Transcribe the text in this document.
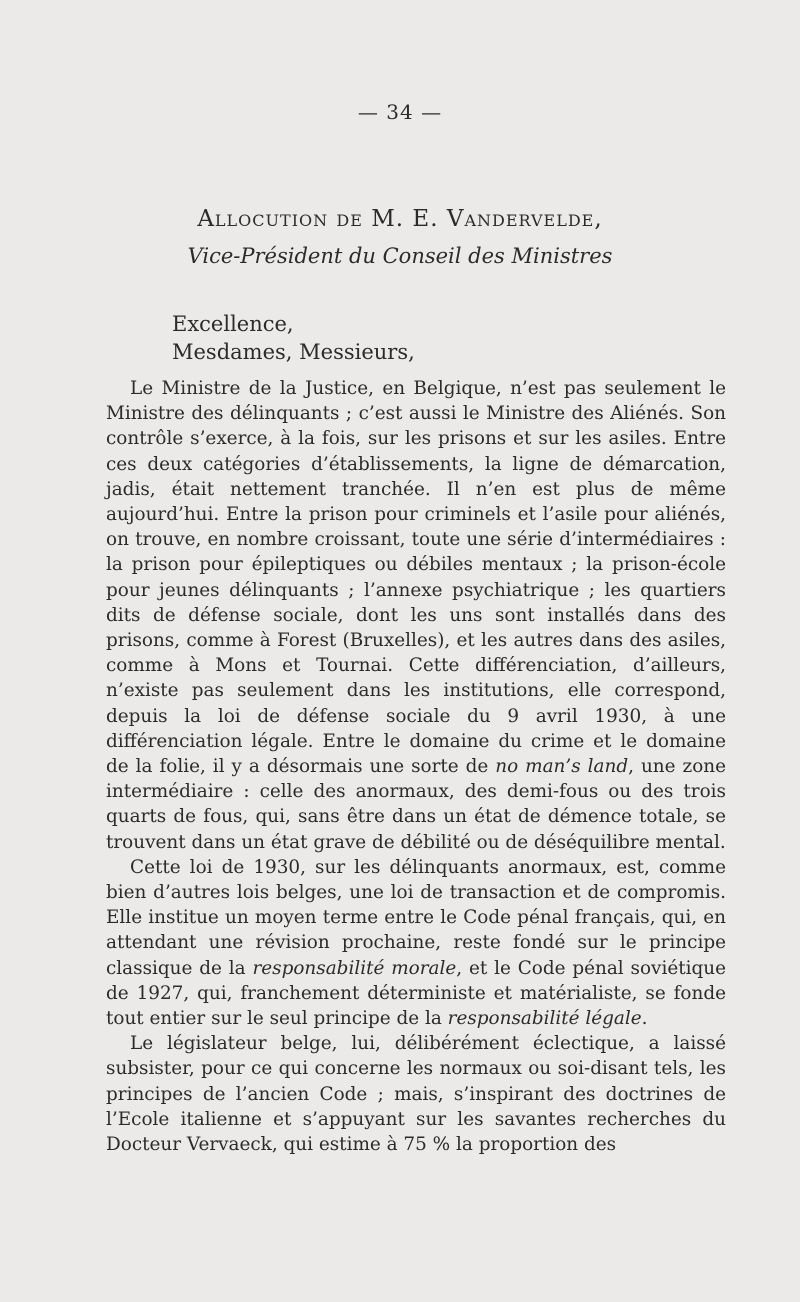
— 34 —
Allocution de M. E. Vandervelde,
Vice-Président du Conseil des Ministres
Excellence,
Mesdames, Messieurs,

Le Ministre de la Justice, en Belgique, n’est pas seulement le Ministre des délinquants ; c’est aussi le Ministre des Aliénés. Son contrôle s’exerce, à la fois, sur les prisons et sur les asiles. Entre ces deux catégories d’établissements, la ligne de démarcation, jadis, était nettement tranchée. Il n’en est plus de même aujourd’hui. Entre la prison pour criminels et l’asile pour aliénés, on trouve, en nombre croissant, toute une série d’intermédiaires : la prison pour épileptiques ou débiles mentaux ; la prison-école pour jeunes délinquants ; l’annexe psychiatrique ; les quartiers dits de défense sociale, dont les uns sont installés dans des prisons, comme à Forest (Bruxelles), et les autres dans des asiles, comme à Mons et Tournai. Cette différenciation, d’ailleurs, n’existe pas seulement dans les institutions, elle correspond, depuis la loi de défense sociale du 9 avril 1930, à une différenciation légale. Entre le domaine du crime et le domaine de la folie, il y a désormais une sorte de no man’s land, une zone intermédiaire : celle des anormaux, des demi-fous ou des trois quarts de fous, qui, sans être dans un état de démence totale, se trouvent dans un état grave de débilité ou de déséquilibre mental.

Cette loi de 1930, sur les délinquants anormaux, est, comme bien d’autres lois belges, une loi de transaction et de compromis. Elle institue un moyen terme entre le Code pénal français, qui, en attendant une révision prochaine, reste fondé sur le principe classique de la responsabilité morale, et le Code pénal soviétique de 1927, qui, franchement déterministe et matérialiste, se fonde tout entier sur le seul principe de la responsabilité légale.

Le législateur belge, lui, délibérément éclectique, a laissé subsister, pour ce qui concerne les normaux ou soi-disant tels, les principes de l’ancien Code ; mais, s’inspirant des doctrines de l’Ecole italienne et s’appuyant sur les savantes recherches du Docteur Vervaeck, qui estime à 75 % la proportion des
